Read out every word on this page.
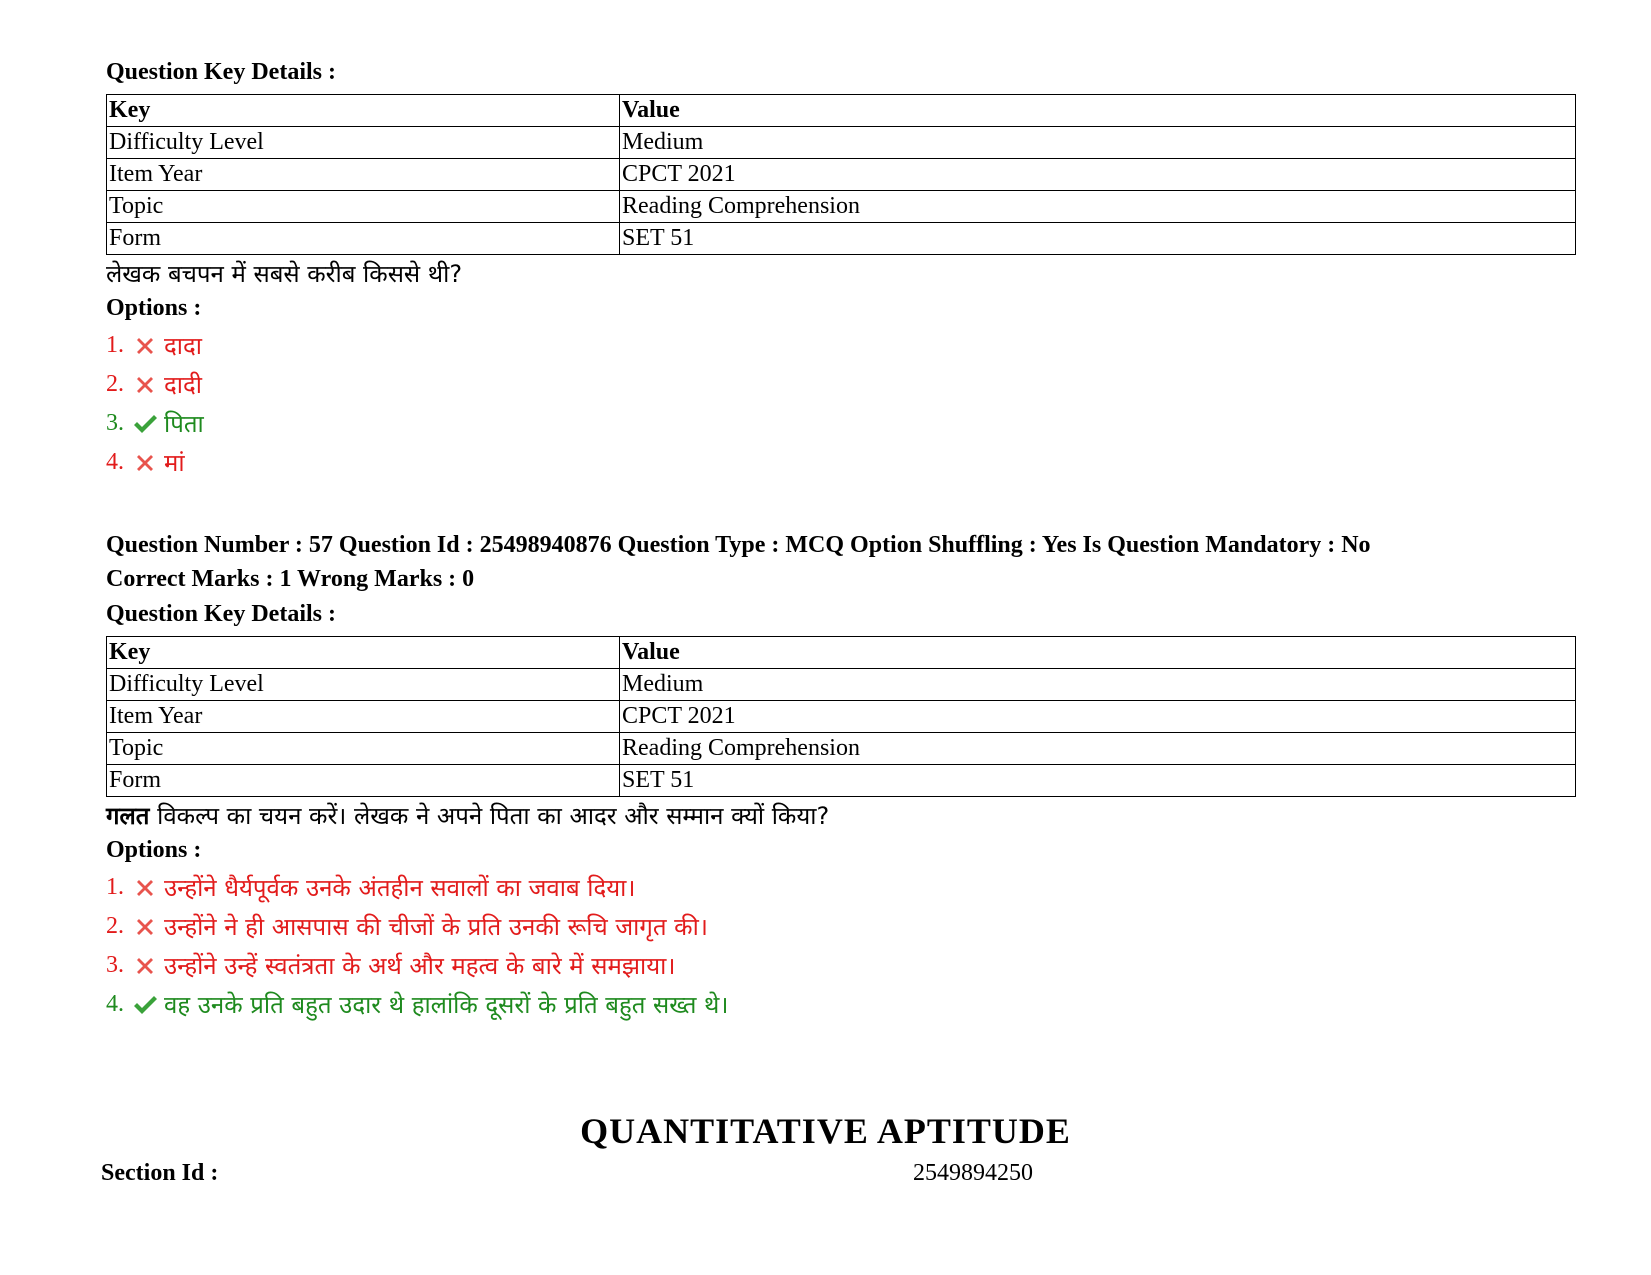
Question Key Details :
Key	Value
Difficulty Level	Medium
Item Year	CPCT 2021
Topic	Reading Comprehension
Form	SET 51
लेखक बचपन में सबसे करीब किससे थी?
Options :
1.	दादा
2.	दादी
3.	पिता
4.	मां
Question Number : 57 Question Id : 25498940876 Question Type : MCQ Option Shuffling : Yes Is Question Mandatory : No
Correct Marks : 1 Wrong Marks : 0
Question Key Details :
Key	Value
Difficulty Level	Medium
Item Year	CPCT 2021
Topic	Reading Comprehension
Form	SET 51
गलत विकल्प का चयन करें। लेखक ने अपने पिता का आदर और सम्मान क्यों किया?
Options :
1.	उन्होंने धैर्यपूर्वक उनके अंतहीन सवालों का जवाब दिया।
2.	उन्होंने ने ही आसपास की चीजों के प्रति उनकी रूचि जागृत की।
3.	उन्होंने उन्हें स्वतंत्रता के अर्थ और महत्व के बारे में समझाया।
4.	वह उनके प्रति बहुत उदार थे हालांकि दूसरों के प्रति बहुत सख्त थे।
QUANTITATIVE APTITUDE
Section Id :	2549894250
